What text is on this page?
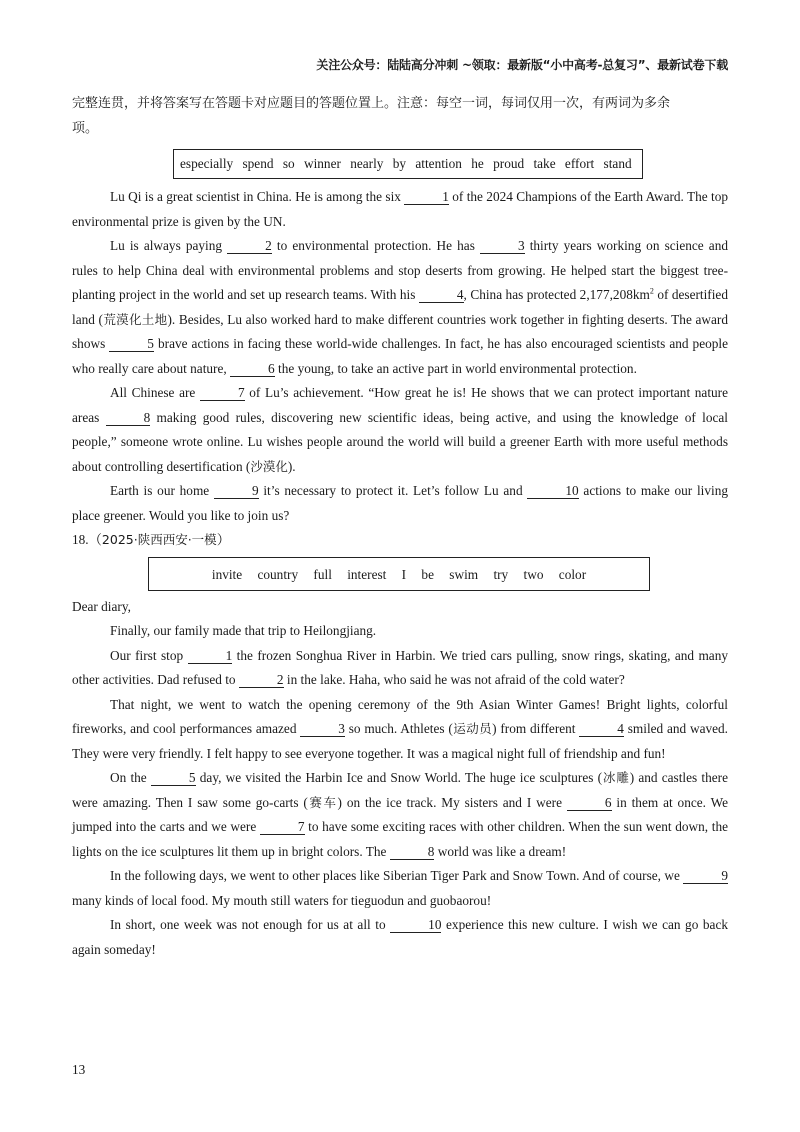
关注公众号：陆陆高分冲刺 ~领取：最新版“小中高考-总复习”、最新试卷下载

完整连贯，并将答案写在答题卡对应题目的答题位置上。注意：每空一词，每词仅用一次，有两词为多余
项。

especially spend so winner nearly by attention he proud take effort stand

Lu Qi is a great scientist in China. He is among the six	1 of the 2024 Champions of the Earth Award. The top environmental prize is given by the UN.

Lu is always paying	2 to environmental protection. He has	3 thirty years working on science and rules to help China deal with environmental problems and stop deserts from growing. He helped start the biggest tree-planting project in the world and set up research teams. With his	4, China has protected $2,177,208km^2$ of desertified land (荒漠化土地). Besides, Lu also worked hard to make different countries work together in fighting deserts. The award shows	5 brave actions in facing these world-wide challenges. In fact, he has also encouraged scientists and people who really care about nature,	6 the young, to take an active part in world environmental protection.

All Chinese are	7 of Lu’s achievement. “How great he is! He shows that we can protect important nature areas	8 making good rules, discovering new scientific ideas, being active, and using the knowledge of local people,” someone wrote online. Lu wishes people around the world will build a greener Earth with more useful methods about controlling desertification (沙漠化).

Earth is our home	9 it’s necessary to protect it. Let’s follow Lu and	10 actions to make our living place greener. Would you like to join us?

18.（2025·陕西西安·一模）

invite country full interest I be swim try two color

Dear diary,

Finally, our family made that trip to Heilongjiang.

Our first stop	1 the frozen Songhua River in Harbin. We tried cars pulling, snow rings, skating, and many other activities. Dad refused to	2 in the lake. Haha, who said he was not afraid of the cold water?

That night, we went to watch the opening ceremony of the 9th Asian Winter Games! Bright lights, colorful fireworks, and cool performances amazed	3 so much. Athletes (运动员) from different	4 smiled and waved. They were very friendly. I felt happy to see everyone together. It was a magical night full of friendship and fun!

On the	5 day, we visited the Harbin Ice and Snow World. The huge ice sculptures (冰雕) and castles there were amazing. Then I saw some go-carts (赛车) on the ice track. My sisters and I were	6 in them at once. We jumped into the carts and we were	7 to have some exciting races with other children. When the sun went down, the lights on the ice sculptures lit them up in bright colors. The	8 world was like a dream!

In the following days, we went to other places like Siberian Tiger Park and Snow Town. And of course, we	9 many kinds of local food. My mouth still waters for tieguodun and guobaorou!

In short, one week was not enough for us at all to	10 experience this new culture. I wish we can go back again someday!

13
